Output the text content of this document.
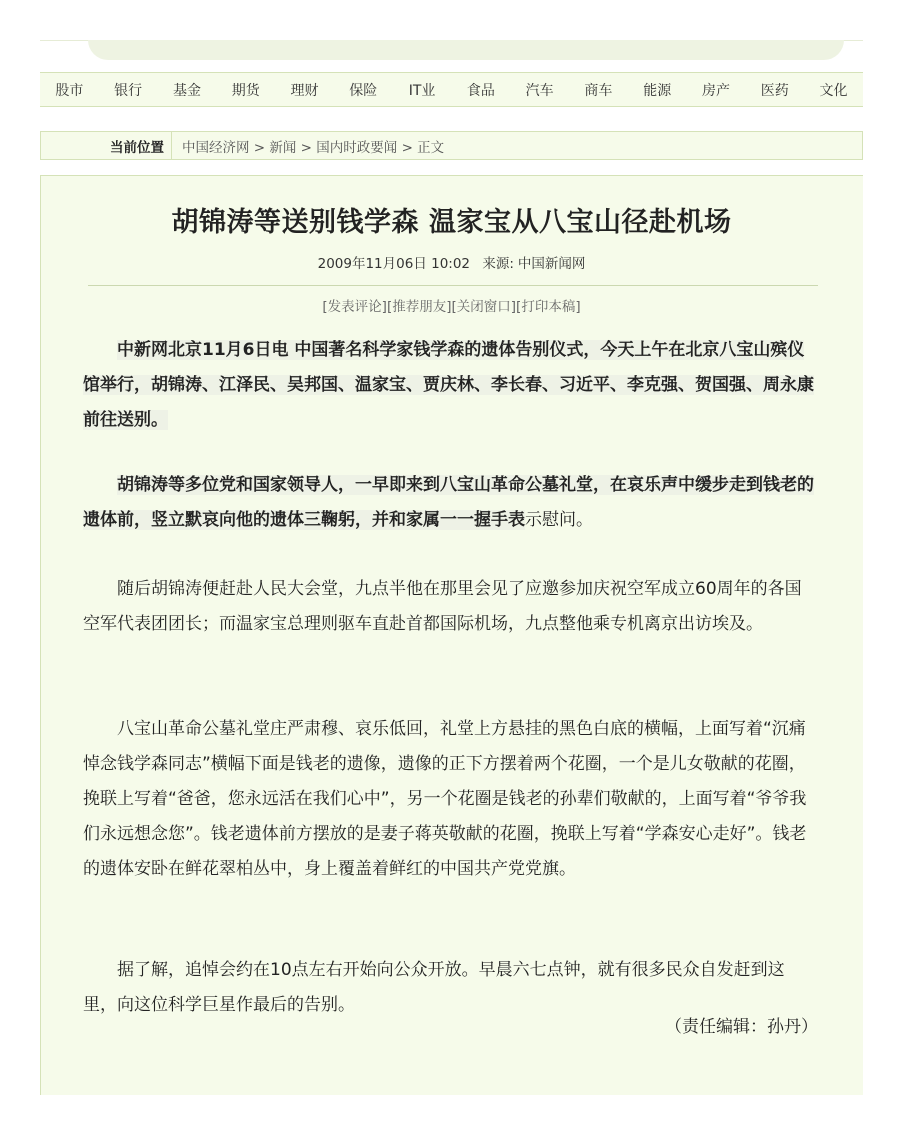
股市	银行	基金	期货	理财	保险	IT业	食品	汽车	商车	能源	房产	医药	文化
当前位置	中国经济网 > 新闻 > 国内时政要闻 > 正文
胡锦涛等送别钱学森 温家宝从八宝山径赴机场
2009年11月06日 10:02 来源: 中国新闻网
[发表评论][推荐朋友][关闭窗口][打印本稿]

中新网北京11月6日电 中国著名科学家钱学森的遗体告别仪式，今天上午在北京八宝山殡仪馆举行，胡锦涛、江泽民、吴邦国、温家宝、贾庆林、李长春、习近平、李克强、贺国强、周永康前往送别。

胡锦涛等多位党和国家领导人，一早即来到八宝山革命公墓礼堂，在哀乐声中缓步走到钱老的遗体前，竖立默哀向他的遗体三鞠躬，并和家属一一握手表示慰问。

随后胡锦涛便赶赴人民大会堂，九点半他在那里会见了应邀参加庆祝空军成立60周年的各国空军代表团团长；而温家宝总理则驱车直赴首都国际机场，九点整他乘专机离京出访埃及。

八宝山革命公墓礼堂庄严肃穆、哀乐低回，礼堂上方悬挂的黑色白底的横幅，上面写着“沉痛悼念钱学森同志”横幅下面是钱老的遗像，遗像的正下方摆着两个花圈，一个是儿女敬献的花圈，挽联上写着“爸爸，您永远活在我们心中”，另一个花圈是钱老的孙辈们敬献的，上面写着“爷爷我们永远想念您”。钱老遗体前方摆放的是妻子蒋英敬献的花圈，挽联上写着“学森安心走好”。钱老的遗体安卧在鲜花翠柏丛中，身上覆盖着鲜红的中国共产党党旗。

据了解，追悼会约在10点左右开始向公众开放。早晨六七点钟，就有很多民众自发赶到这里，向这位科学巨星作最后的告别。

（责任编辑：孙丹）
